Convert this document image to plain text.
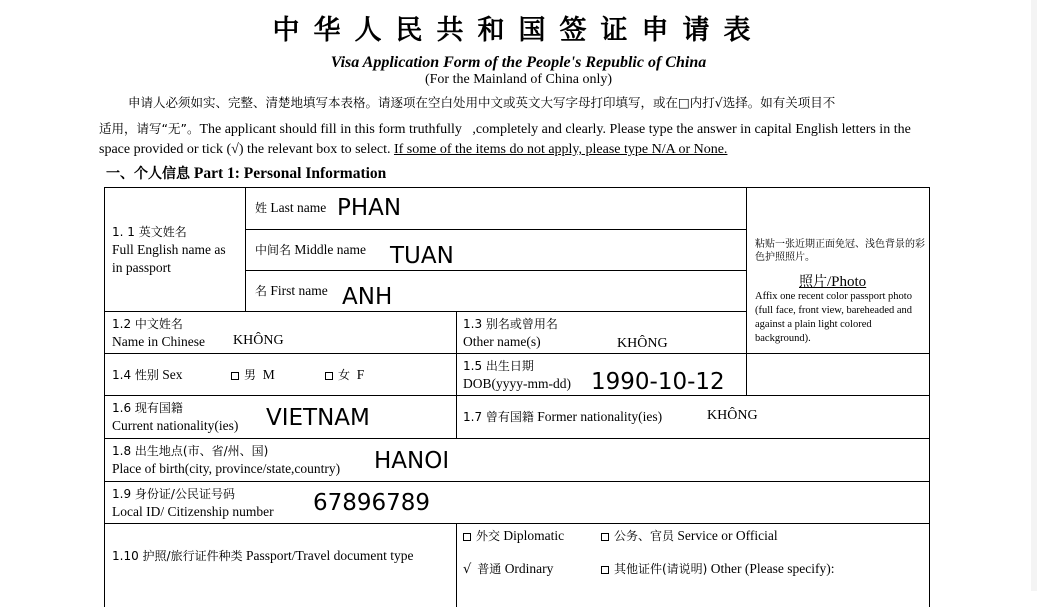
中华人民共和国签证申请表
Visa Application Form of the People's Republic of China
(For the Mainland of China only)
申请人必须如实、完整、清楚地填写本表格。请逐项在空白处用中文或英文大写字母打印填写，或在□内打√选择。如有关项目不
适用，请写“无”。The applicant should fill in this form truthfully   ,completely and clearly. Please type the answer in capital English letters in the
space provided or tick (√) the relevant box to select. If some of the items do not apply, please type N/A or None.
一、个人信息 Part 1: Personal Information
1. 1 英文姓名
Full English name as
in passport
姓 Last name PHAN
中间名 Middle name TUAN
名 First name ANH
粘贴一张近期正面免冠、浅色背景的彩色护照照片。
照片/Photo
Affix one recent color passport photo (full face, front view, bareheaded and against a plain light colored background).
1.2 中文姓名
Name in Chinese KHÔNG
1.3 别名或曾用名
Other name(s)	KHÔNG
1.4 性别 Sex	男 M	女 F
1.5 出生日期
DOB(yyyy-mm-dd) 1990-10-12
1.6 现有国籍
Current nationality(ies) VIETNAM	1.7 曾有国籍 Former nationality(ies)	KHÔNG
1.8 出生地点(市、省/州、国)
Place of birth(city, province/state,country) HANOI
1.9 身份证/公民证号码
Local ID/ Citizenship number 67896789
1.10 护照/旅行证件种类 Passport/Travel document type
外交 Diplomatic	公务、官员 Service or Official
√ 普通 Ordinary	其他证件(请说明) Other (Please specify):
